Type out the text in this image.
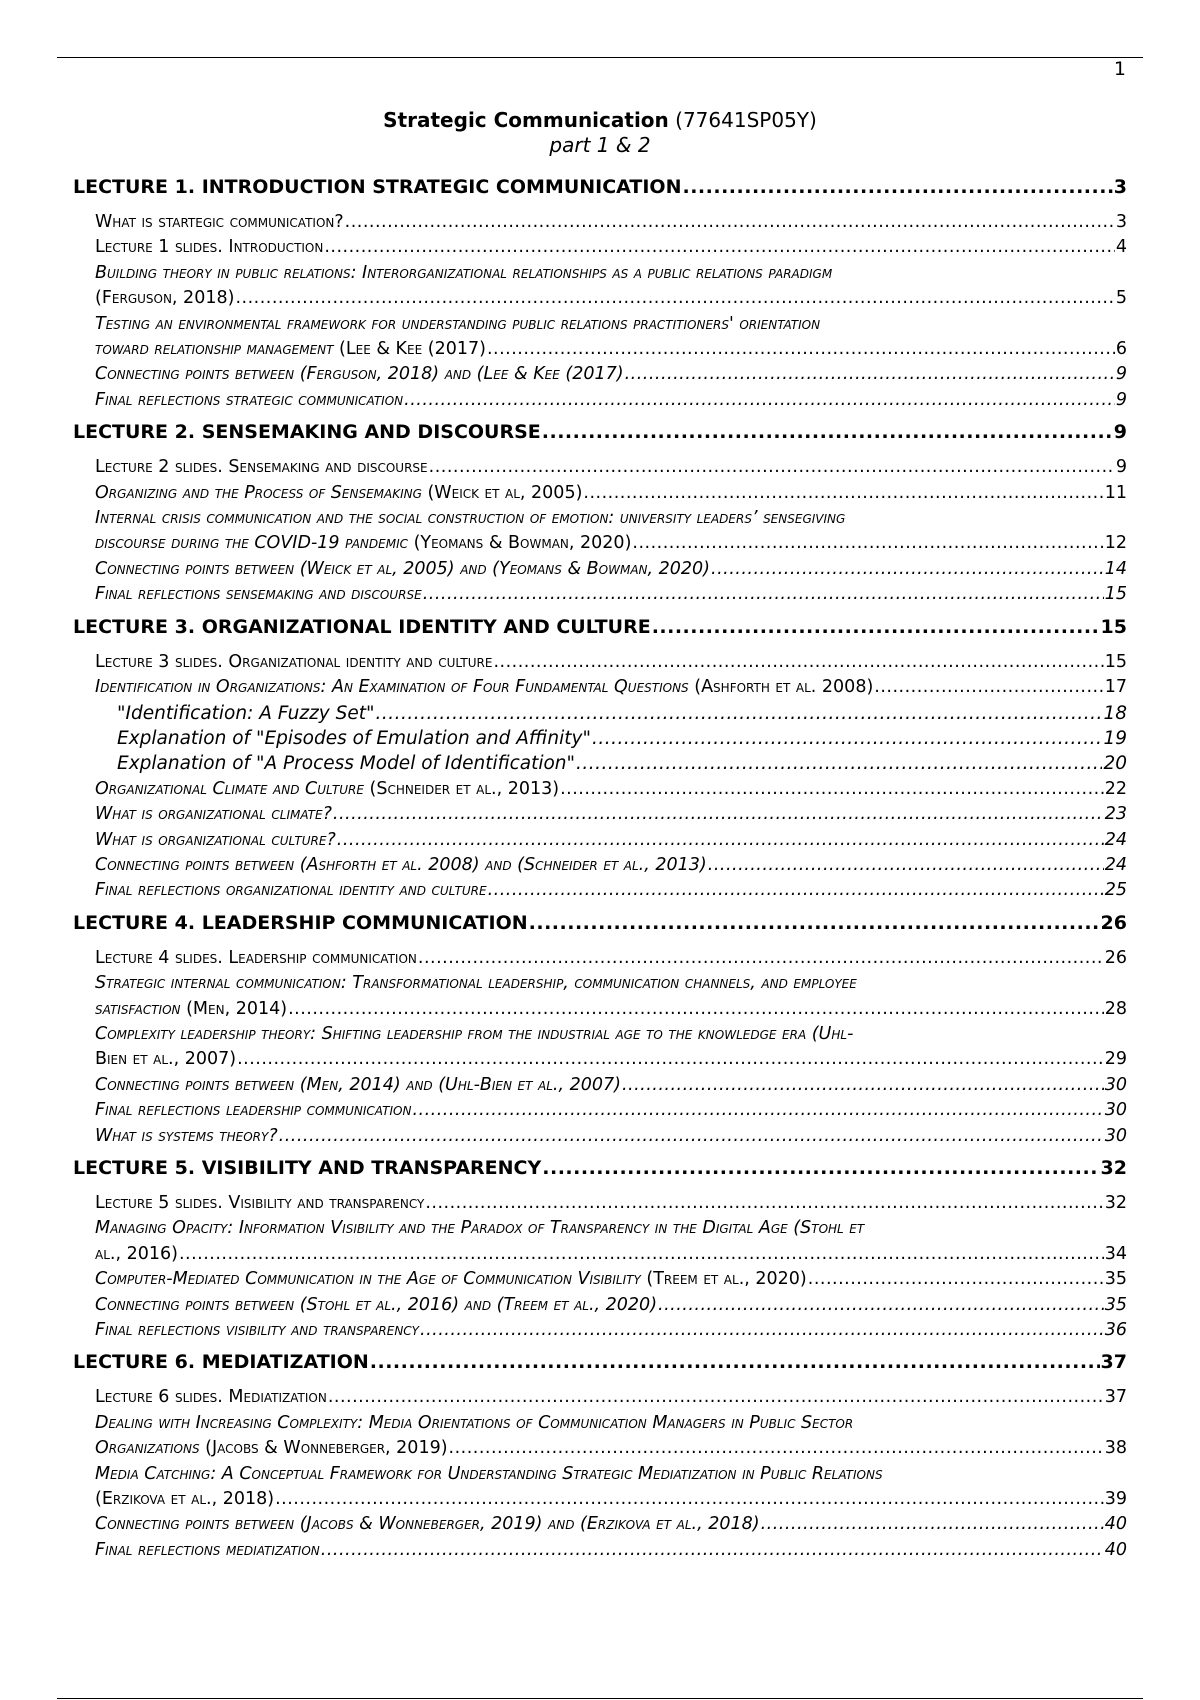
1
Strategic Communication (77641SP05Y)
part 1 & 2
LECTURE 1. INTRODUCTION STRATEGIC COMMUNICATION .....	3
What is startegic communication? .....	3
Lecture 1 slides. Introduction .....	4
Building theory in public relations: Interorganizational relationships as a public relations paradigm
(Ferguson, 2018) .....	5
Testing an environmental framework for understanding public relations practitioners' orientation
toward relationship management (Lee & Kee (2017) .....	6
Connecting points between (Ferguson, 2018) and (Lee & Kee (2017) .....	9
Final reflections strategic communication .....	9
LECTURE 2. SENSEMAKING AND DISCOURSE .....	9
Lecture 2 slides. Sensemaking and discourse .....	9
Organizing and the Process of Sensemaking (Weick et al, 2005) .....	11
Internal crisis communication and the social construction of emotion: university leaders’ sensegiving
discourse during the COVID-19 pandemic (Yeomans & Bowman, 2020) .....	12
Connecting points between (Weick et al, 2005) and (Yeomans & Bowman, 2020) .....	14
Final reflections sensemaking and discourse .....	15
LECTURE 3. ORGANIZATIONAL IDENTITY AND CULTURE .....	15
Lecture 3 slides. Organizational identity and culture .....	15
Identification in Organizations: An Examination of Four Fundamental Questions (Ashforth et al. 2008) .....	17
"Identification: A Fuzzy Set" .....	18
Explanation of "Episodes of Emulation and Affinity" .....	19
Explanation of "A Process Model of Identification" .....	20
Organizational Climate and Culture (Schneider et al., 2013) .....	22
What is organizational climate? .....	23
What is organizational culture? .....	24
Connecting points between (Ashforth et al. 2008) and (Schneider et al., 2013) .....	24
Final reflections organizational identity and culture .....	25
LECTURE 4. LEADERSHIP COMMUNICATION .....	26
Lecture 4 slides. Leadership communication .....	26
Strategic internal communication: Transformational leadership, communication channels, and employee
satisfaction (Men, 2014) .....	28
Complexity leadership theory: Shifting leadership from the industrial age to the knowledge era (Uhl-
Bien et al., 2007) .....	29
Connecting points between (Men, 2014) and (Uhl-Bien et al., 2007) .....	30
Final reflections leadership communication .....	30
What is systems theory? .....	30
LECTURE 5. VISIBILITY AND TRANSPARENCY .....	32
Lecture 5 slides. Visibility and transparency .....	32
Managing Opacity: Information Visibility and the Paradox of Transparency in the Digital Age (Stohl et
al., 2016) .....	34
Computer-Mediated Communication in the Age of Communication Visibility (Treem et al., 2020) .....	35
Connecting points between (Stohl et al., 2016) and (Treem et al., 2020) .....	35
Final reflections visibility and transparency .....	36
LECTURE 6. MEDIATIZATION .....	37
Lecture 6 slides. Mediatization .....	37
Dealing with Increasing Complexity: Media Orientations of Communication Managers in Public Sector
Organizations (Jacobs & Wonneberger, 2019) .....	38
Media Catching: A Conceptual Framework for Understanding Strategic Mediatization in Public Relations
(Erzikova et al., 2018) .....	39
Connecting points between (Jacobs & Wonneberger, 2019) and (Erzikova et al., 2018) .....	40
Final reflections mediatization .....	40
